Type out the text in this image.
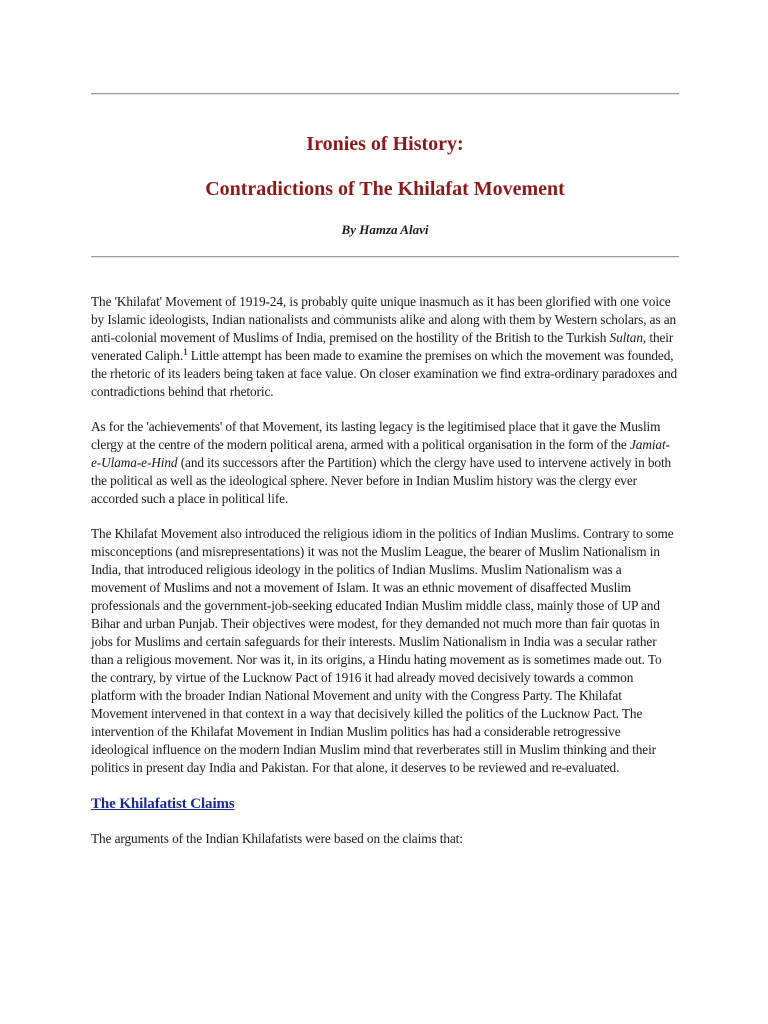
Ironies of History:
Contradictions of The Khilafat Movement
By Hamza Alavi

The 'Khilafat' Movement of 1919-24, is probably quite unique inasmuch as it has been glorified with one voice by Islamic ideologists, Indian nationalists and communists alike and along with them by Western scholars, as an anti-colonial movement of Muslims of India, premised on the hostility of the British to the Turkish Sultan, their venerated Caliph.$^1$ Little attempt has been made to examine the premises on which the movement was founded, the rhetoric of its leaders being taken at face value. On closer examination we find extra-ordinary paradoxes and contradictions behind that rhetoric.

As for the 'achievements' of that Movement, its lasting legacy is the legitimised place that it gave the Muslim clergy at the centre of the modern political arena, armed with a political organisation in the form of the Jamiat-e-Ulama-e-Hind (and its successors after the Partition) which the clergy have used to intervene actively in both the political as well as the ideological sphere. Never before in Indian Muslim history was the clergy ever accorded such a place in political life.

The Khilafat Movement also introduced the religious idiom in the politics of Indian Muslims. Contrary to some misconceptions (and misrepresentations) it was not the Muslim League, the bearer of Muslim Nationalism in India, that introduced religious ideology in the politics of Indian Muslims. Muslim Nationalism was a movement of Muslims and not a movement of Islam. It was an ethnic movement of disaffected Muslim professionals and the government-job-seeking educated Indian Muslim middle class, mainly those of UP and Bihar and urban Punjab. Their objectives were modest, for they demanded not much more than fair quotas in jobs for Muslims and certain safeguards for their interests. Muslim Nationalism in India was a secular rather than a religious movement. Nor was it, in its origins, a Hindu hating movement as is sometimes made out. To the contrary, by virtue of the Lucknow Pact of 1916 it had already moved decisively towards a common platform with the broader Indian National Movement and unity with the Congress Party. The Khilafat Movement intervened in that context in a way that decisively killed the politics of the Lucknow Pact. The intervention of the Khilafat Movement in Indian Muslim politics has had a considerable retrogressive ideological influence on the modern Indian Muslim mind that reverberates still in Muslim thinking and their politics in present day India and Pakistan. For that alone, it deserves to be reviewed and re-evaluated.

The Khilafatist Claims

The arguments of the Indian Khilafatists were based on the claims that:
